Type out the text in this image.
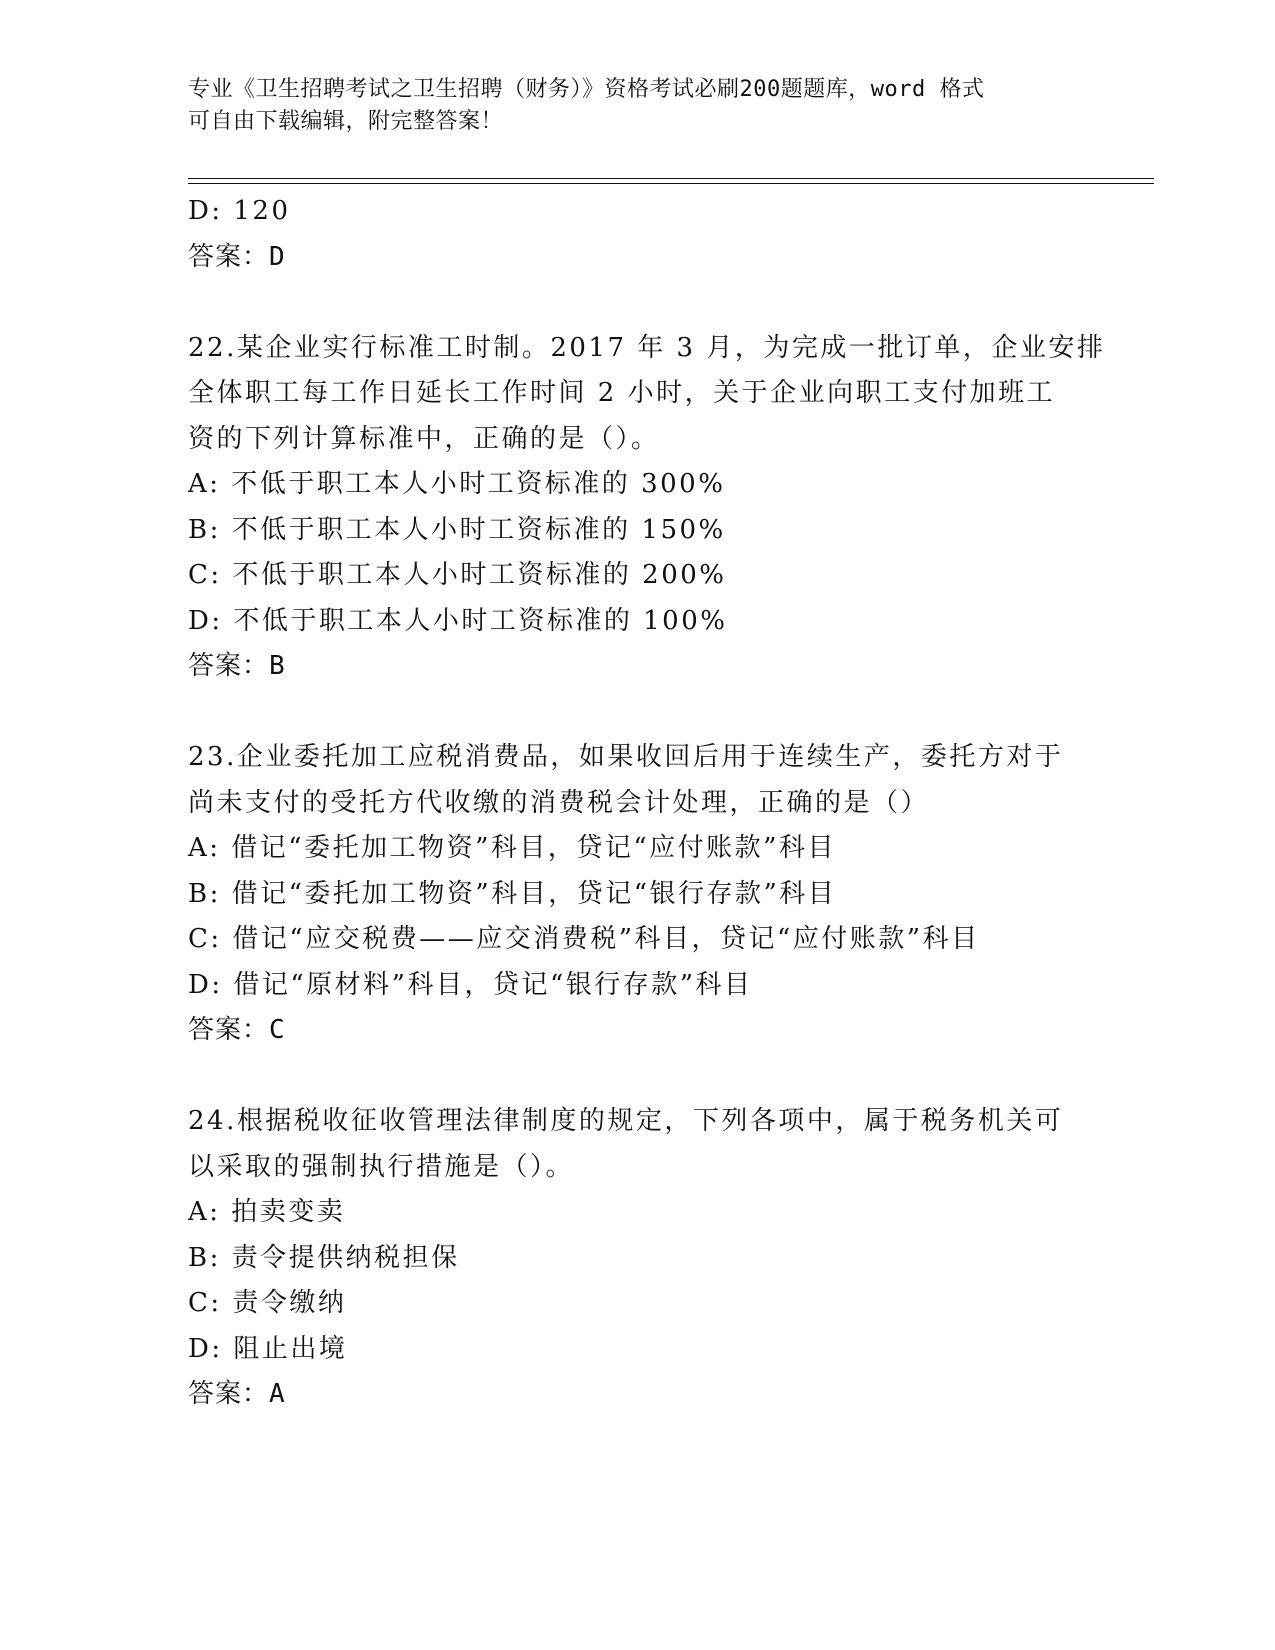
专业《卫生招聘考试之卫生招聘（财务）》资格考试必刷200题题库，word 格式
可自由下载编辑，附完整答案！
D: 120
答案：D
22.某企业实行标准工时制。2017 年 3 月，为完成一批订单，企业安排
全体职工每工作日延长工作时间 2 小时，关于企业向职工支付加班工
资的下列计算标准中，正确的是（）。
A: 不低于职工本人小时工资标准的 300%
B: 不低于职工本人小时工资标准的 150%
C: 不低于职工本人小时工资标准的 200%
D: 不低于职工本人小时工资标准的 100%
答案：B
23.企业委托加工应税消费品，如果收回后用于连续生产，委托方对于
尚未支付的受托方代收缴的消费税会计处理，正确的是（）
A: 借记“委托加工物资”科目，贷记“应付账款”科目
B: 借记“委托加工物资”科目，贷记“银行存款”科目
C: 借记“应交税费——应交消费税”科目，贷记“应付账款”科目
D: 借记“原材料”科目，贷记“银行存款”科目
答案：C
24.根据税收征收管理法律制度的规定，下列各项中，属于税务机关可
以采取的强制执行措施是（）。
A: 拍卖变卖
B: 责令提供纳税担保
C: 责令缴纳
D: 阻止出境
答案：A
